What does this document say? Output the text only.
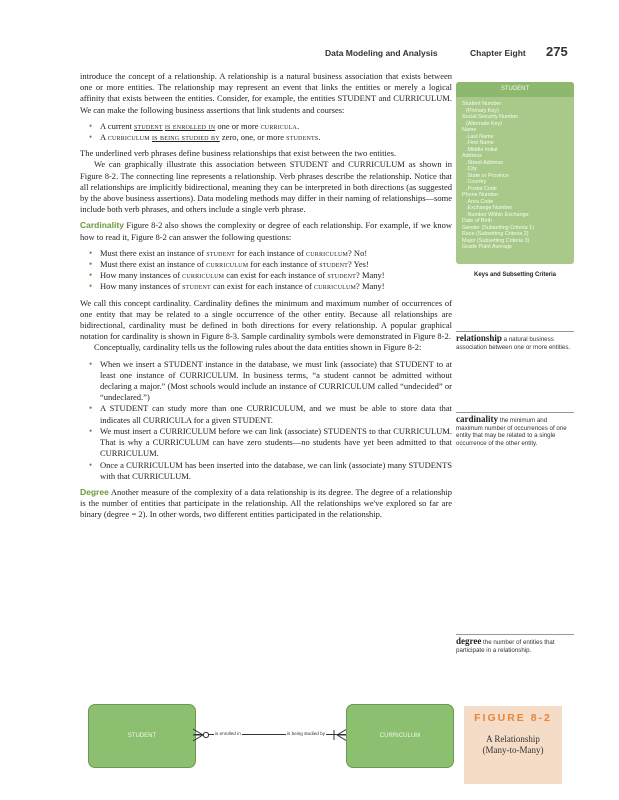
Data Modeling and Analysis	Chapter Eight 275

introduce the concept of a relationship. A relationship is a natural business association that exists between one or more entities. The relationship may represent an event that links the entities or merely a logical affinity that exists between the entities. Consider, for example, the entities STUDENT and CURRICULUM. We can make the following business assertions that link students and courses:

• A current student is enrolled in one or more curricula.
• A curriculum is being studied by zero, one, or more students.

The underlined verb phrases define business relationships that exist between the two entities.

We can graphically illustrate this association between STUDENT and CURRICULUM as shown in Figure 8-2. The connecting line represents a relationship. Verb phrases describe the relationship. Notice that all relationships are implicitly bidirectional, meaning they can be interpreted in both directions (as suggested by the above business assertions). Data modeling methods may differ in their naming of relationships—some include both verb phrases, and others include a single verb phrase.

Cardinality Figure 8-2 also shows the complexity or degree of each relationship. For example, if we know how to read it, Figure 8-2 can answer the following questions:

• Must there exist an instance of student for each instance of curriculum? No!
• Must there exist an instance of curriculum for each instance of student? Yes!
• How many instances of curriculum can exist for each instance of student? Many!
• How many instances of student can exist for each instance of curriculum? Many!

We call this concept cardinality. Cardinality defines the minimum and maximum number of occurrences of one entity that may be related to a single occurrence of the other entity. Because all relationships are bidirectional, cardinality must be defined in both directions for every relationship. A popular graphical notation for cardinality is shown in Figure 8-3. Sample cardinality symbols were demonstrated in Figure 8-2.

Conceptually, cardinality tells us the following rules about the data entities shown in Figure 8-2:

• When we insert a STUDENT instance in the database, we must link (associate) that STUDENT to at least one instance of CURRICULUM. In business terms, “a student cannot be admitted without declaring a major.” (Most schools would include an instance of CURRICULUM called “undecided” or “undeclared.”)
• A STUDENT can study more than one CURRICULUM, and we must be able to store data that indicates all CURRICULA for a given STUDENT.
• We must insert a CURRICULUM before we can link (associate) STUDENTS to that CURRICULUM. That is why a CURRICULUM can have zero students—no students have yet been admitted to that CURRICULUM.
• Once a CURRICULUM has been inserted into the database, we can link (associate) many STUDENTS with that CURRICULUM.

Degree Another measure of the complexity of a data relationship is its degree. The degree of a relationship is the number of entities that participate in the relationship. All the relationships we've explored so far are binary (degree = 2). In other words, two different entities participated in the relationship.

STUDENT
Student Number
(Primary Key)
Social Security Number
(Alternate Key)
Name
.Last Name
.First Name
.Middle Initial
Address
.Street Address
.City
.State or Province
.Country
.Postal Code
Phone Number
.Area Code
.Exchange Number
.Number Within Exchange
Date of Birth
Gender (Subsetting Criteria 1)
Race (Subsetting Criteria 2)
Major (Subsetting Criteria 3)
Grade Point Average
Keys and Subsetting Criteria
relationship a natural business association between one or more entities.
cardinality the minimum and maximum number of occurrences of one entity that may be related to a single occurrence of the other entity.
degree the number of entities that participate in a relationship.
STUDENT	is enrolled in	is being studied by	CURRICULUM
FIGURE 8-2
A Relationship
(Many-to-Many)
